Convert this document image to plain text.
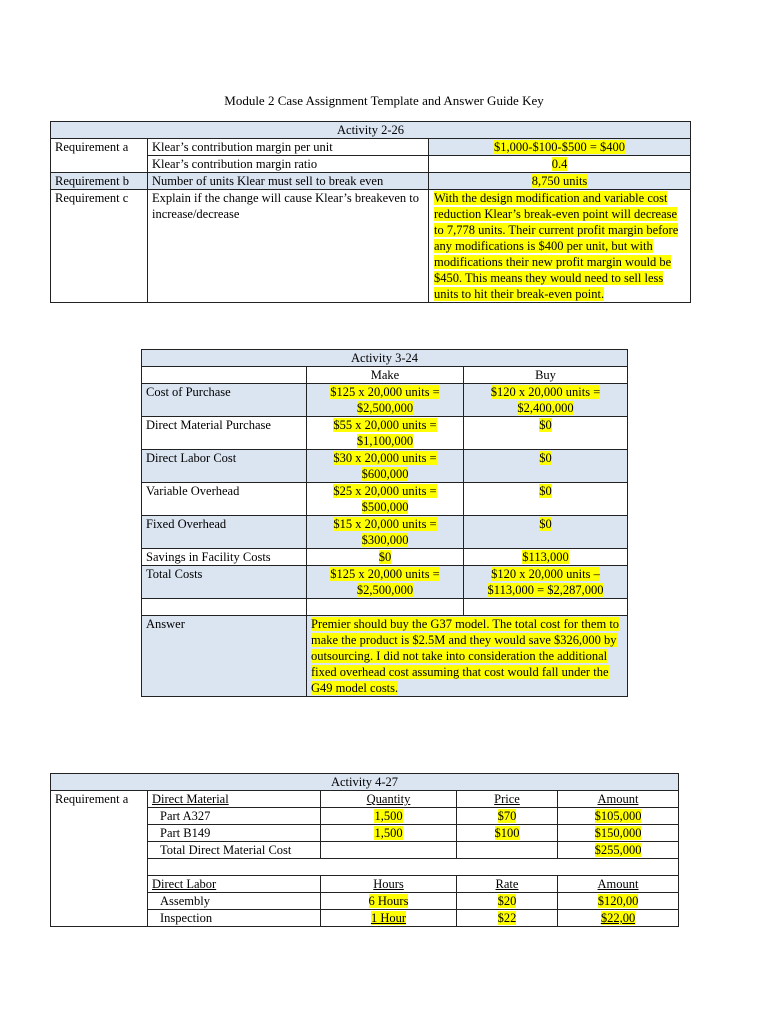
Module 2 Case Assignment Template and Answer Guide Key
Activity 2-26		
Requirement a	Klear’s contribution margin per unit	$1,000-$100-$500 = $400
	Klear’s contribution margin ratio	0.4
Requirement b	Number of units Klear must sell to break even	8,750 units
Requirement c	Explain if the change will cause Klear’s breakeven to increase/decrease	With the design modification and variable cost reduction Klear’s break-even point will decrease to 7,778 units. Their current profit margin before any modifications is $400 per unit, but with modifications their new profit margin would be $450. This means they would need to sell less units to hit their break-even point.
Activity 3-24		
	Make	Buy
Cost of Purchase	$125 x 20,000 units = $2,500,000	$120 x 20,000 units = $2,400,000
Direct Material Purchase	$55 x 20,000 units = $1,100,000	$0
Direct Labor Cost	$30 x 20,000 units = $600,000	$0
Variable Overhead	$25 x 20,000 units = $500,000	$0
Fixed Overhead	$15 x 20,000 units = $300,000	$0
Savings in Facility Costs	$0	$113,000
Total Costs	$125 x 20,000 units = $2,500,000	$120 x 20,000 units – $113,000 = $2,287,000

Answer	Premier should buy the G37 model. The total cost for them to make the product is $2.5M and they would save $326,000 by outsourcing. I did not take into consideration the additional fixed overhead cost assuming that cost would fall under the G49 model costs.	
Activity 4-27				
Requirement a	Direct Material	Quantity	Price	Amount
	Part A327	1,500	$70	$105,000
	Part B149	1,500	$100	$150,000
	Total Direct Material Cost			$255,000

	Direct Labor	Hours	Rate	Amount
	Assembly	6 Hours	$20	$120,00
	Inspection	1 Hour	$22	$22,00
